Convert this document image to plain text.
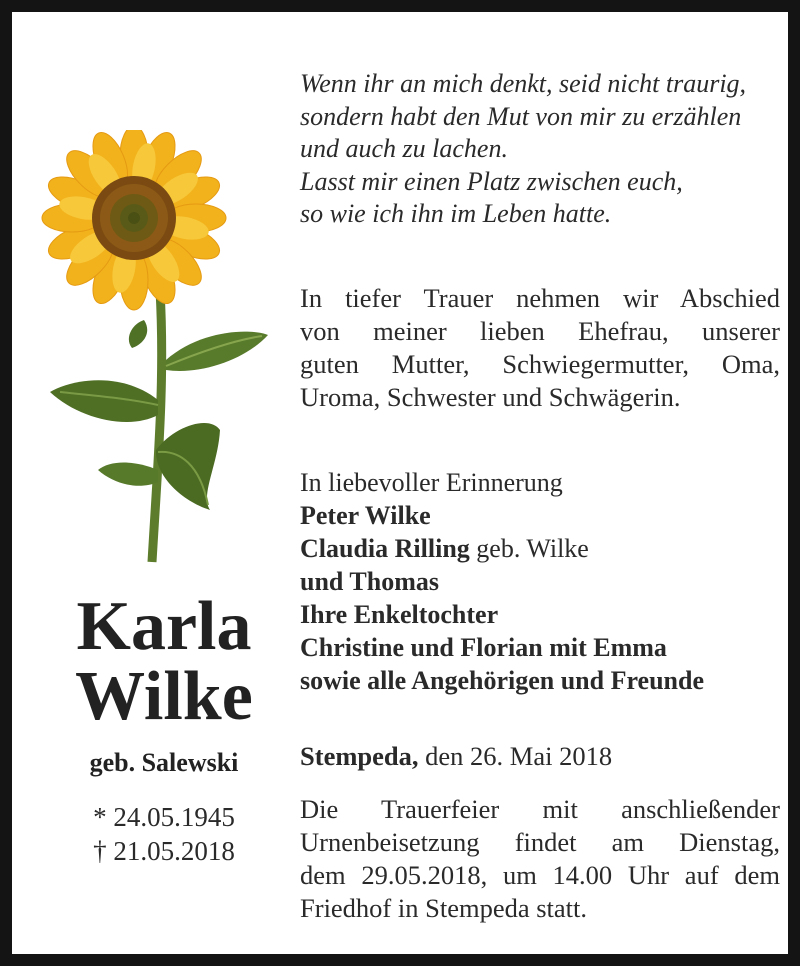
Karla
Wilke
geb. Salewski
* 24.05.1945
† 21.05.2018
Wenn ihr an mich denkt, seid nicht traurig,
sondern habt den Mut von mir zu erzählen
und auch zu lachen.
Lasst mir einen Platz zwischen euch,
so wie ich ihn im Leben hatte.
In tiefer Trauer nehmen wir Abschied
von meiner lieben Ehefrau, unserer
guten Mutter, Schwiegermutter, Oma,
Uroma, Schwester und Schwägerin.
In liebevoller Erinnerung
Peter Wilke
Claudia Rilling geb. Wilke
und Thomas
Ihre Enkeltochter
Christine und Florian mit Emma
sowie alle Angehörigen und Freunde
Stempeda, den 26. Mai 2018
Die Trauerfeier mit anschließender
Urnenbeisetzung findet am Dienstag,
dem 29.05.2018, um 14.00 Uhr auf dem
Friedhof in Stempeda statt.
